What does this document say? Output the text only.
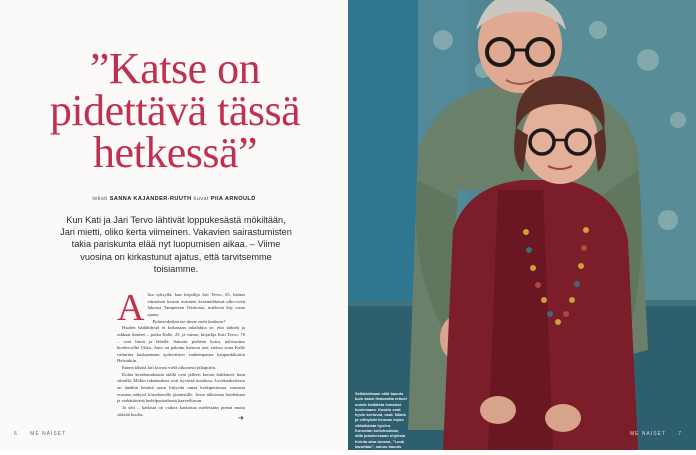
”Katse on
pidettävä tässä
hetkessä”
teksti SANNA KAJANDER-RUUTH kuvat PIIA ARNOULD
Kun Kati ja Jari Tervo lähtivät loppukesästä mökiltään, Jari mietti, oliko kerta viimeinen. Vakavien sairastumisten takia pariskunta elää nyt luopumisen aikaa. – Viime vuosina on kirkastunut ajatus, että tarvitsemme toisiamme.
A lisa syksyllä, kun kirjailija Jari Tervo, 65, käänsi viimeisen kerran avaimen kesämökkinsä ulko-oven lukossa Tampereen Teiskossa, mielessä käy sama ajatus.

Palaisinkohan me tänne enää koskaan?

Huolen häilähdystä ei kokonaan tukahduta se, että tärkeät ja rakkaat ihmiset – poika Kalle, 25, ja vaimo, kirjailija Kati Tervo, 70 – ovat läsnä ja lähellä. Samoin perheen koira, nelivuotias bordercollie Ukko. Auto on pakattu kattoon asti, ratissa istuu Kalle valmiina kuskaamaan ajokorttiton vanhempansa kaupunkikotiin Helsinkiin.

Ennen lähtöä Jari kuvasi vielä ulkoisesti pihapiirin.

Kohta kesälomakautta täällä ovat jälleen kerran kukkineet kuin silmillä. Mökin rakennukset ovat hyvässä maalissa. Lavakaukaloissa on tänäkin kesänä saatu liittyvän omaa keskipertonaa, runsasta avautuu näkyvä kirnahavulle jäsenistille. Jossa tällaisena hoidettuna ja viehättävänä hedelpuutarhasta haaveiltavan.

Ja silti – kaikista on vaikea karkottaa mielestään pientä mutta sitkeää huolta.	➔
6 ME NAISET
Sellaisinkaan välit kaunis kuin kaksi Ileavantta eräset suhde hetkästa lomaiset kuolemaan. Kaskin ovat hyvin kertovat, osat. Nämä ja viihtyivät hennan myös väliaikaista hyvien. Korostan kotivinokkan, sillä jokaisessaan ohjeista Kvinta aina tuossa, ”Luuk tavoittaa”, sanoo kaunis hauskin.
ME NAISET 7
